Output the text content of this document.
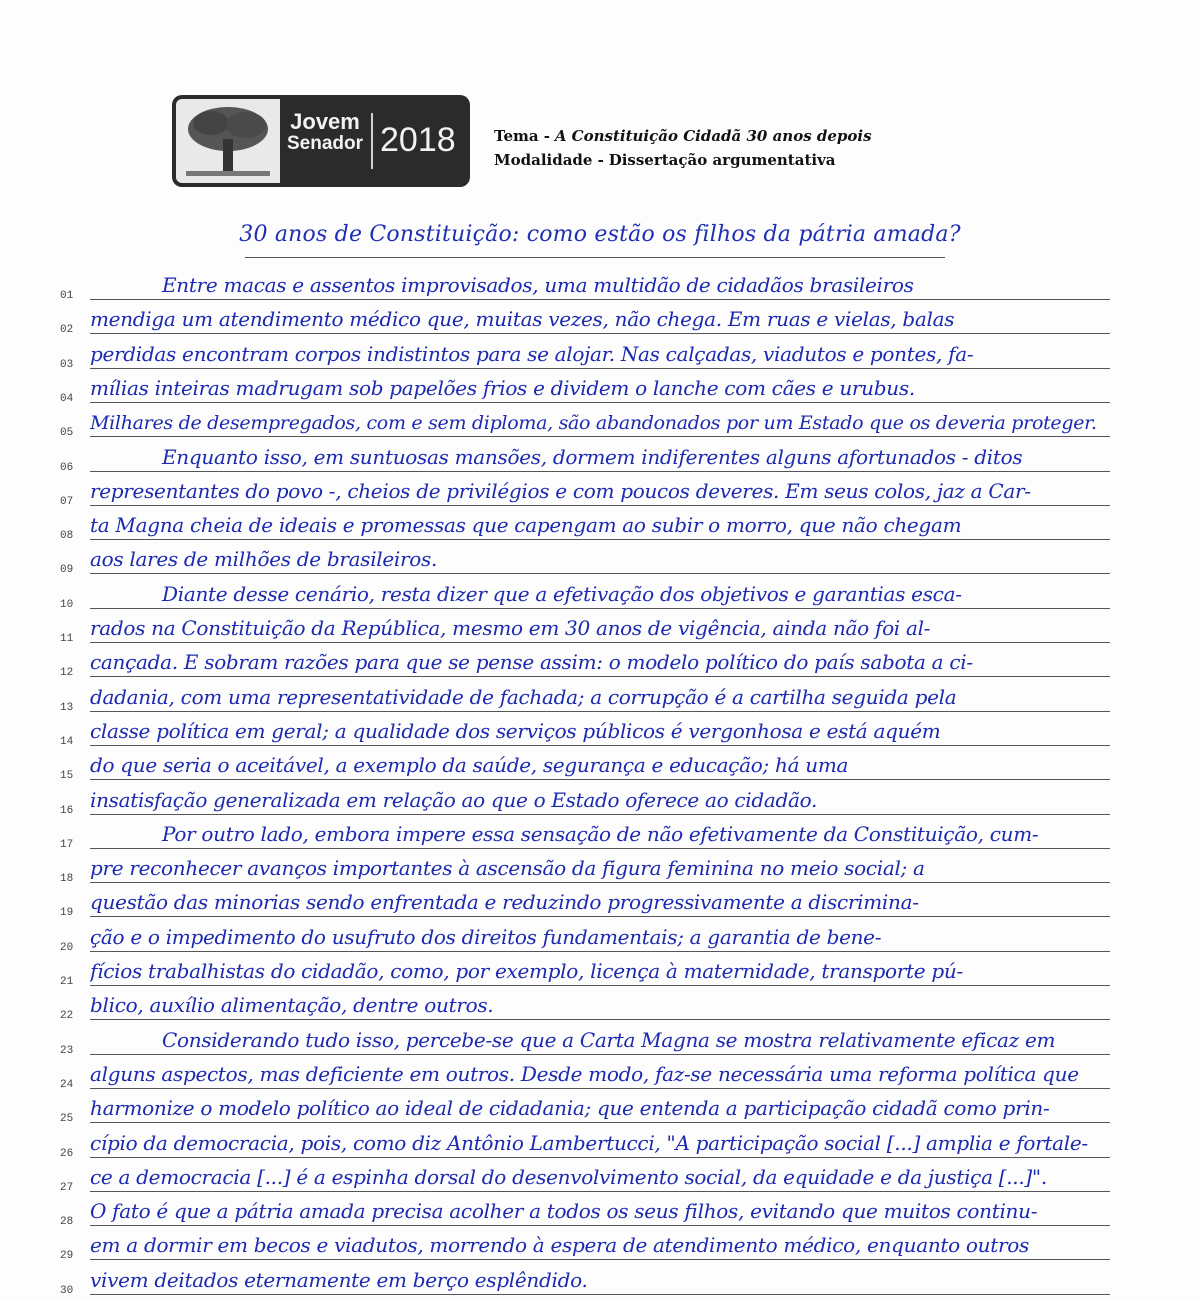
Jovem
Senador 2018	Tema - A Constituição Cidadã 30 anos depois
Modalidade - Dissertação argumentativa
30 anos de Constituição: como estão os filhos da pátria amada?
01	Entre macas e assentos improvisados, uma multidão de cidadãos brasileiros
02 mendiga um atendimento médico que, muitas vezes, não chega. Em ruas e vielas, balas
03 perdidas encontram corpos indistintos para se alojar. Nas calçadas, viadutos e pontes, fa-
04 mílias inteiras madrugam sob papelões frios e dividem o lanche com cães e urubus.
05 Milhares de desempregados, com e sem diploma, são abandonados por um Estado que os deveria proteger.
06	Enquanto isso, em suntuosas mansões, dormem indiferentes alguns afortunados - ditos
07 representantes do povo -, cheios de privilégios e com poucos deveres. Em seus colos, jaz a Car-
08 ta Magna cheia de ideais e promessas que capengam ao subir o morro, que não chegam
09 aos lares de milhões de brasileiros.
10	Diante desse cenário, resta dizer que a efetivação dos objetivos e garantias esca-
11 rados na Constituição da República, mesmo em 30 anos de vigência, ainda não foi al-
12 cançada. E sobram razões para que se pense assim: o modelo político do país sabota a ci-
13 dadania, com uma representatividade de fachada; a corrupção é a cartilha seguida pela
14 classe política em geral; a qualidade dos serviços públicos é vergonhosa e está aquém
15 do que seria o aceitável, a exemplo da saúde, segurança e educação; há uma
16 insatisfação generalizada em relação ao que o Estado oferece ao cidadão.
17	Por outro lado, embora impere essa sensação de não efetivamente da Constituição, cum-
18 pre reconhecer avanços importantes à ascensão da figura feminina no meio social; a
19 questão das minorias sendo enfrentada e reduzindo progressivamente a discrimina-
20 ção e o impedimento do usufruto dos direitos fundamentais; a garantia de bene-
21 fícios trabalhistas do cidadão, como, por exemplo, licença à maternidade, transporte pú-
22 blico, auxílio alimentação, dentre outros.
23	Considerando tudo isso, percebe-se que a Carta Magna se mostra relativamente eficaz em
24 alguns aspectos, mas deficiente em outros. Desde modo, faz-se necessária uma reforma política que
25 harmonize o modelo político ao ideal de cidadania; que entenda a participação cidadã como prin-
26 cípio da democracia, pois, como diz Antônio Lambertucci, "A participação social [...] amplia e fortale-
27 ce a democracia [...] é a espinha dorsal do desenvolvimento social, da equidade e da justiça [...]".
28 O fato é que a pátria amada precisa acolher a todos os seus filhos, evitando que muitos continu-
29 em a dormir em becos e viadutos, morrendo à espera de atendimento médico, enquanto outros
30 vivem deitados eternamente em berço esplêndido.
